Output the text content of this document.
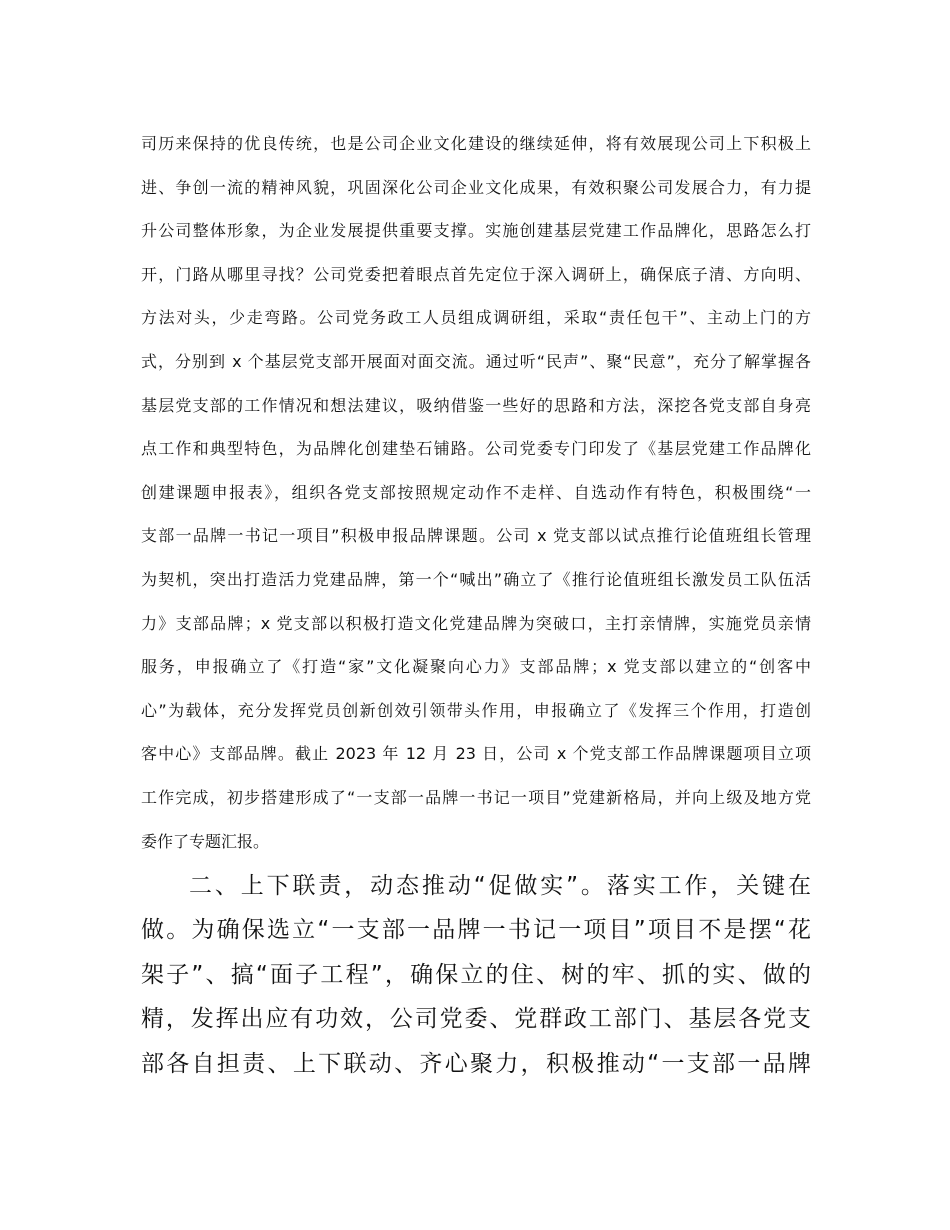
司历来保持的优良传统，也是公司企业文化建设的继续延伸，将有效展现公司上下积极上
进、争创一流的精神风貌，巩固深化公司企业文化成果，有效积聚公司发展合力，有力提
升公司整体形象，为企业发展提供重要支撑。实施创建基层党建工作品牌化，思路怎么打
开，门路从哪里寻找？公司党委把着眼点首先定位于深入调研上，确保底子清、方向明、
方法对头，少走弯路。公司党务政工人员组成调研组，采取“责任包干”、主动上门的方
式，分别到 x 个基层党支部开展面对面交流。通过听“民声”、聚“民意”，充分了解掌握各
基层党支部的工作情况和想法建议，吸纳借鉴一些好的思路和方法，深挖各党支部自身亮
点工作和典型特色，为品牌化创建垫石铺路。公司党委专门印发了《基层党建工作品牌化
创建课题申报表》，组织各党支部按照规定动作不走样、自选动作有特色，积极围绕“一
支部一品牌一书记一项目”积极申报品牌课题。公司 x 党支部以试点推行论值班组长管理
为契机，突出打造活力党建品牌，第一个“喊出”确立了《推行论值班组长激发员工队伍活
力》支部品牌；x 党支部以积极打造文化党建品牌为突破口，主打亲情牌，实施党员亲情
服务，申报确立了《打造“家”文化凝聚向心力》支部品牌；x 党支部以建立的“创客中
心”为载体，充分发挥党员创新创效引领带头作用，申报确立了《发挥三个作用，打造创
客中心》支部品牌。截止 2023 年 12 月 23 日，公司 x 个党支部工作品牌课题项目立项
工作完成，初步搭建形成了“一支部一品牌一书记一项目”党建新格局，并向上级及地方党
委作了专题汇报。
二、上下联责，动态推动“促做实”。落实工作，关键在
做。为确保选立“一支部一品牌一书记一项目”项目不是摆“花
架子”、搞“面子工程”，确保立的住、树的牢、抓的实、做的
精，发挥出应有功效，公司党委、党群政工部门、基层各党支
部各自担责、上下联动、齐心聚力，积极推动“一支部一品牌
